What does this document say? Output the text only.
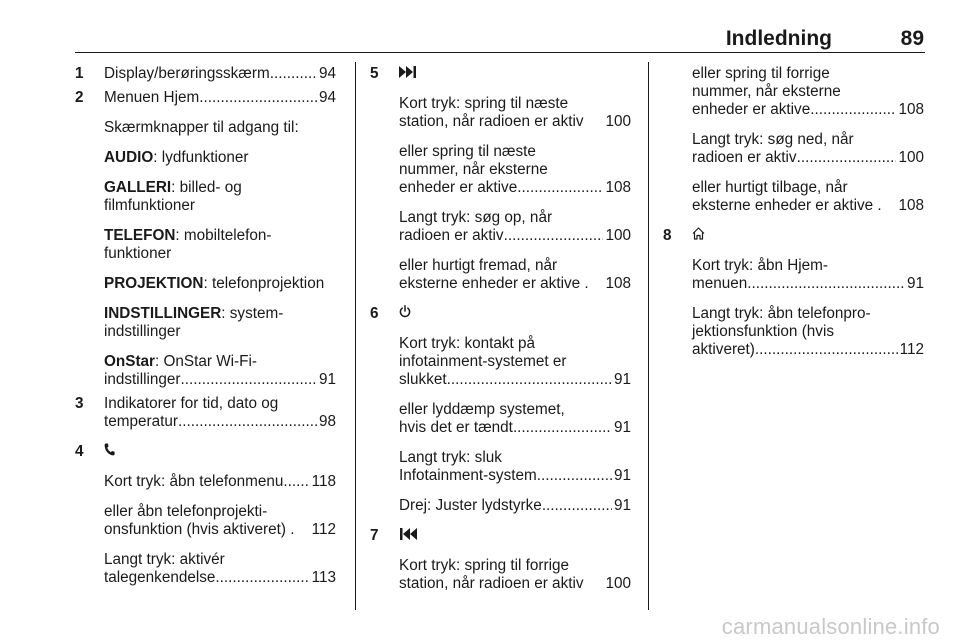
Indledning	89
1 Display/berøringsskærm .....	94
2 Menuen Hjem .....	94
Skærmknapper til adgang til:
AUDIO: lydfunktioner
GALLERI: billed- og
filmfunktioner
TELEFON: mobiltelefon-
funktioner
PROJEKTION: telefonprojektion
INDSTILLINGER: system-
indstillinger
OnStar: OnStar Wi-Fi-
indstillinger .....	91
3 Indikatorer for tid, dato og
temperatur .....	98
4
Kort tryk: åbn telefonmenu ..... 118
eller åbn telefonprojekti-
onsfunktion (hvis aktiveret) .	112
Langt tryk: aktivér
talegenkendelse .....	113
5
Kort tryk: spring til næste
station, når radioen er aktiv	100
eller spring til næste
nummer, når eksterne
enheder er aktive .....	108
Langt tryk: søg op, når
radioen er aktiv .....	100
eller hurtigt fremad, når
eksterne enheder er aktive .	108
6
Kort tryk: kontakt på
infotainment-systemet er
slukket .....	91
eller lyddæmp systemet,
hvis det er tændt .....	91
Langt tryk: sluk
Infotainment-system .....	91
Drej: Juster lydstyrke .....	91
7
Kort tryk: spring til forrige
station, når radioen er aktiv	100
eller spring til forrige
nummer, når eksterne
enheder er aktive .....	108
Langt tryk: søg ned, når
radioen er aktiv .....	100
eller hurtigt tilbage, når
eksterne enheder er aktive .	108
8
Kort tryk: åbn Hjem-
menuen .....	91
Langt tryk: åbn telefonpro-
jektionsfunktion (hvis
aktiveret) .....	112
carmanualsonline.info
